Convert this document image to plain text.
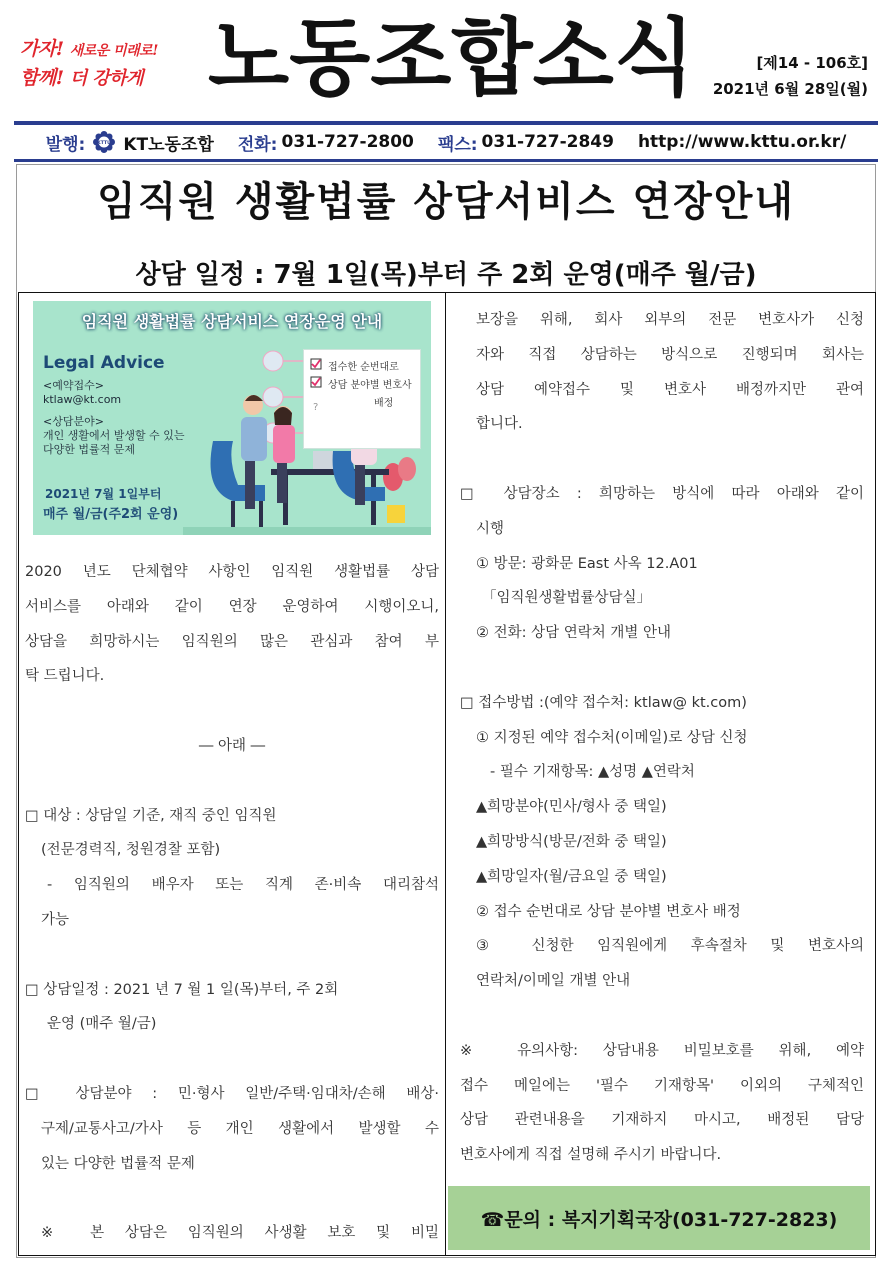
가자! 새로운 미래로!
함께! 더 강하게 노동조합소식	[제14 - 106호]
2021년 6월 28일(월)
발행:	KTTU KT노동조합 전화: 031-727-2800 팩스: 031-727-2849 http://www.kttu.or.kr/
임직원 생활법률 상담서비스 연장안내
상담 일정 : 7월 1일(목)부터 주 2회 운영(매주 월/금)
임직원 생활법률 상담서비스 연장운영 안내
Legal Advice
<예약접수>
ktlaw@kt.com
<상담분야>
개인 생활에서 발생할 수 있는
다양한 법률적 문제
2021년 7월 1일부터
매주 월/금(주2회 운영)
?
접수한 순번대로
상담 분야별 변호사
배정

2020 년도 단체협약 사항인 임직원 생활법률 상담

서비스를 아래와 같이 연장 운영하여 시행이오니,

상담을 희망하시는 임직원의 많은 관심과 참여 부

탁 드립니다.

― 아래 ―

□ 대상 : 상담일 기준, 재직 중인 임직원

(전문경력직, 청원경찰 포함)

- 임직원의 배우자 또는 직계 존·비속 대리참석

가능

□ 상담일정 : 2021 년 7 월 1 일(목)부터, 주 2회

운영 (매주 월/금)

□ 상담분야 : 민·형사 일반/주택·임대차/손해 배상·

구제/교통사고/가사 등 개인 생활에서 발생할 수

있는 다양한 법률적 문제

※ 본 상담은 임직원의 사생활 보호 및 비밀

보장을 위해, 회사 외부의 전문 변호사가 신청

자와 직접 상담하는 방식으로 진행되며 회사는

상담 예약접수 및 변호사 배정까지만 관여

합니다.

□ 상담장소 : 희망하는 방식에 따라 아래와 같이

시행

① 방문: 광화문 East 사옥 12.A01

「임직원생활법률상담실」

② 전화: 상담 연락처 개별 안내

□ 접수방법 :(예약 접수처: ktlaw@ kt.com)

① 지정된 예약 접수처(이메일)로 상담 신청

- 필수 기재항목: ▲성명 ▲연락처

▲희망분야(민사/형사 중 택일)

▲희망방식(방문/전화 중 택일)

▲희망일자(월/금요일 중 택일)

② 접수 순번대로 상담 분야별 변호사 배정

③ 신청한 임직원에게 후속절차 및 변호사의

연락처/이메일 개별 안내

※ 유의사항: 상담내용 비밀보호를 위해, 예약

접수 메일에는 '필수 기재항목' 이외의 구체적인

상담 관련내용을 기재하지 마시고, 배정된 담당

변호사에게 직접 설명해 주시기 바랍니다.

☎문의 : 복지기획국장(031-727-2823)
